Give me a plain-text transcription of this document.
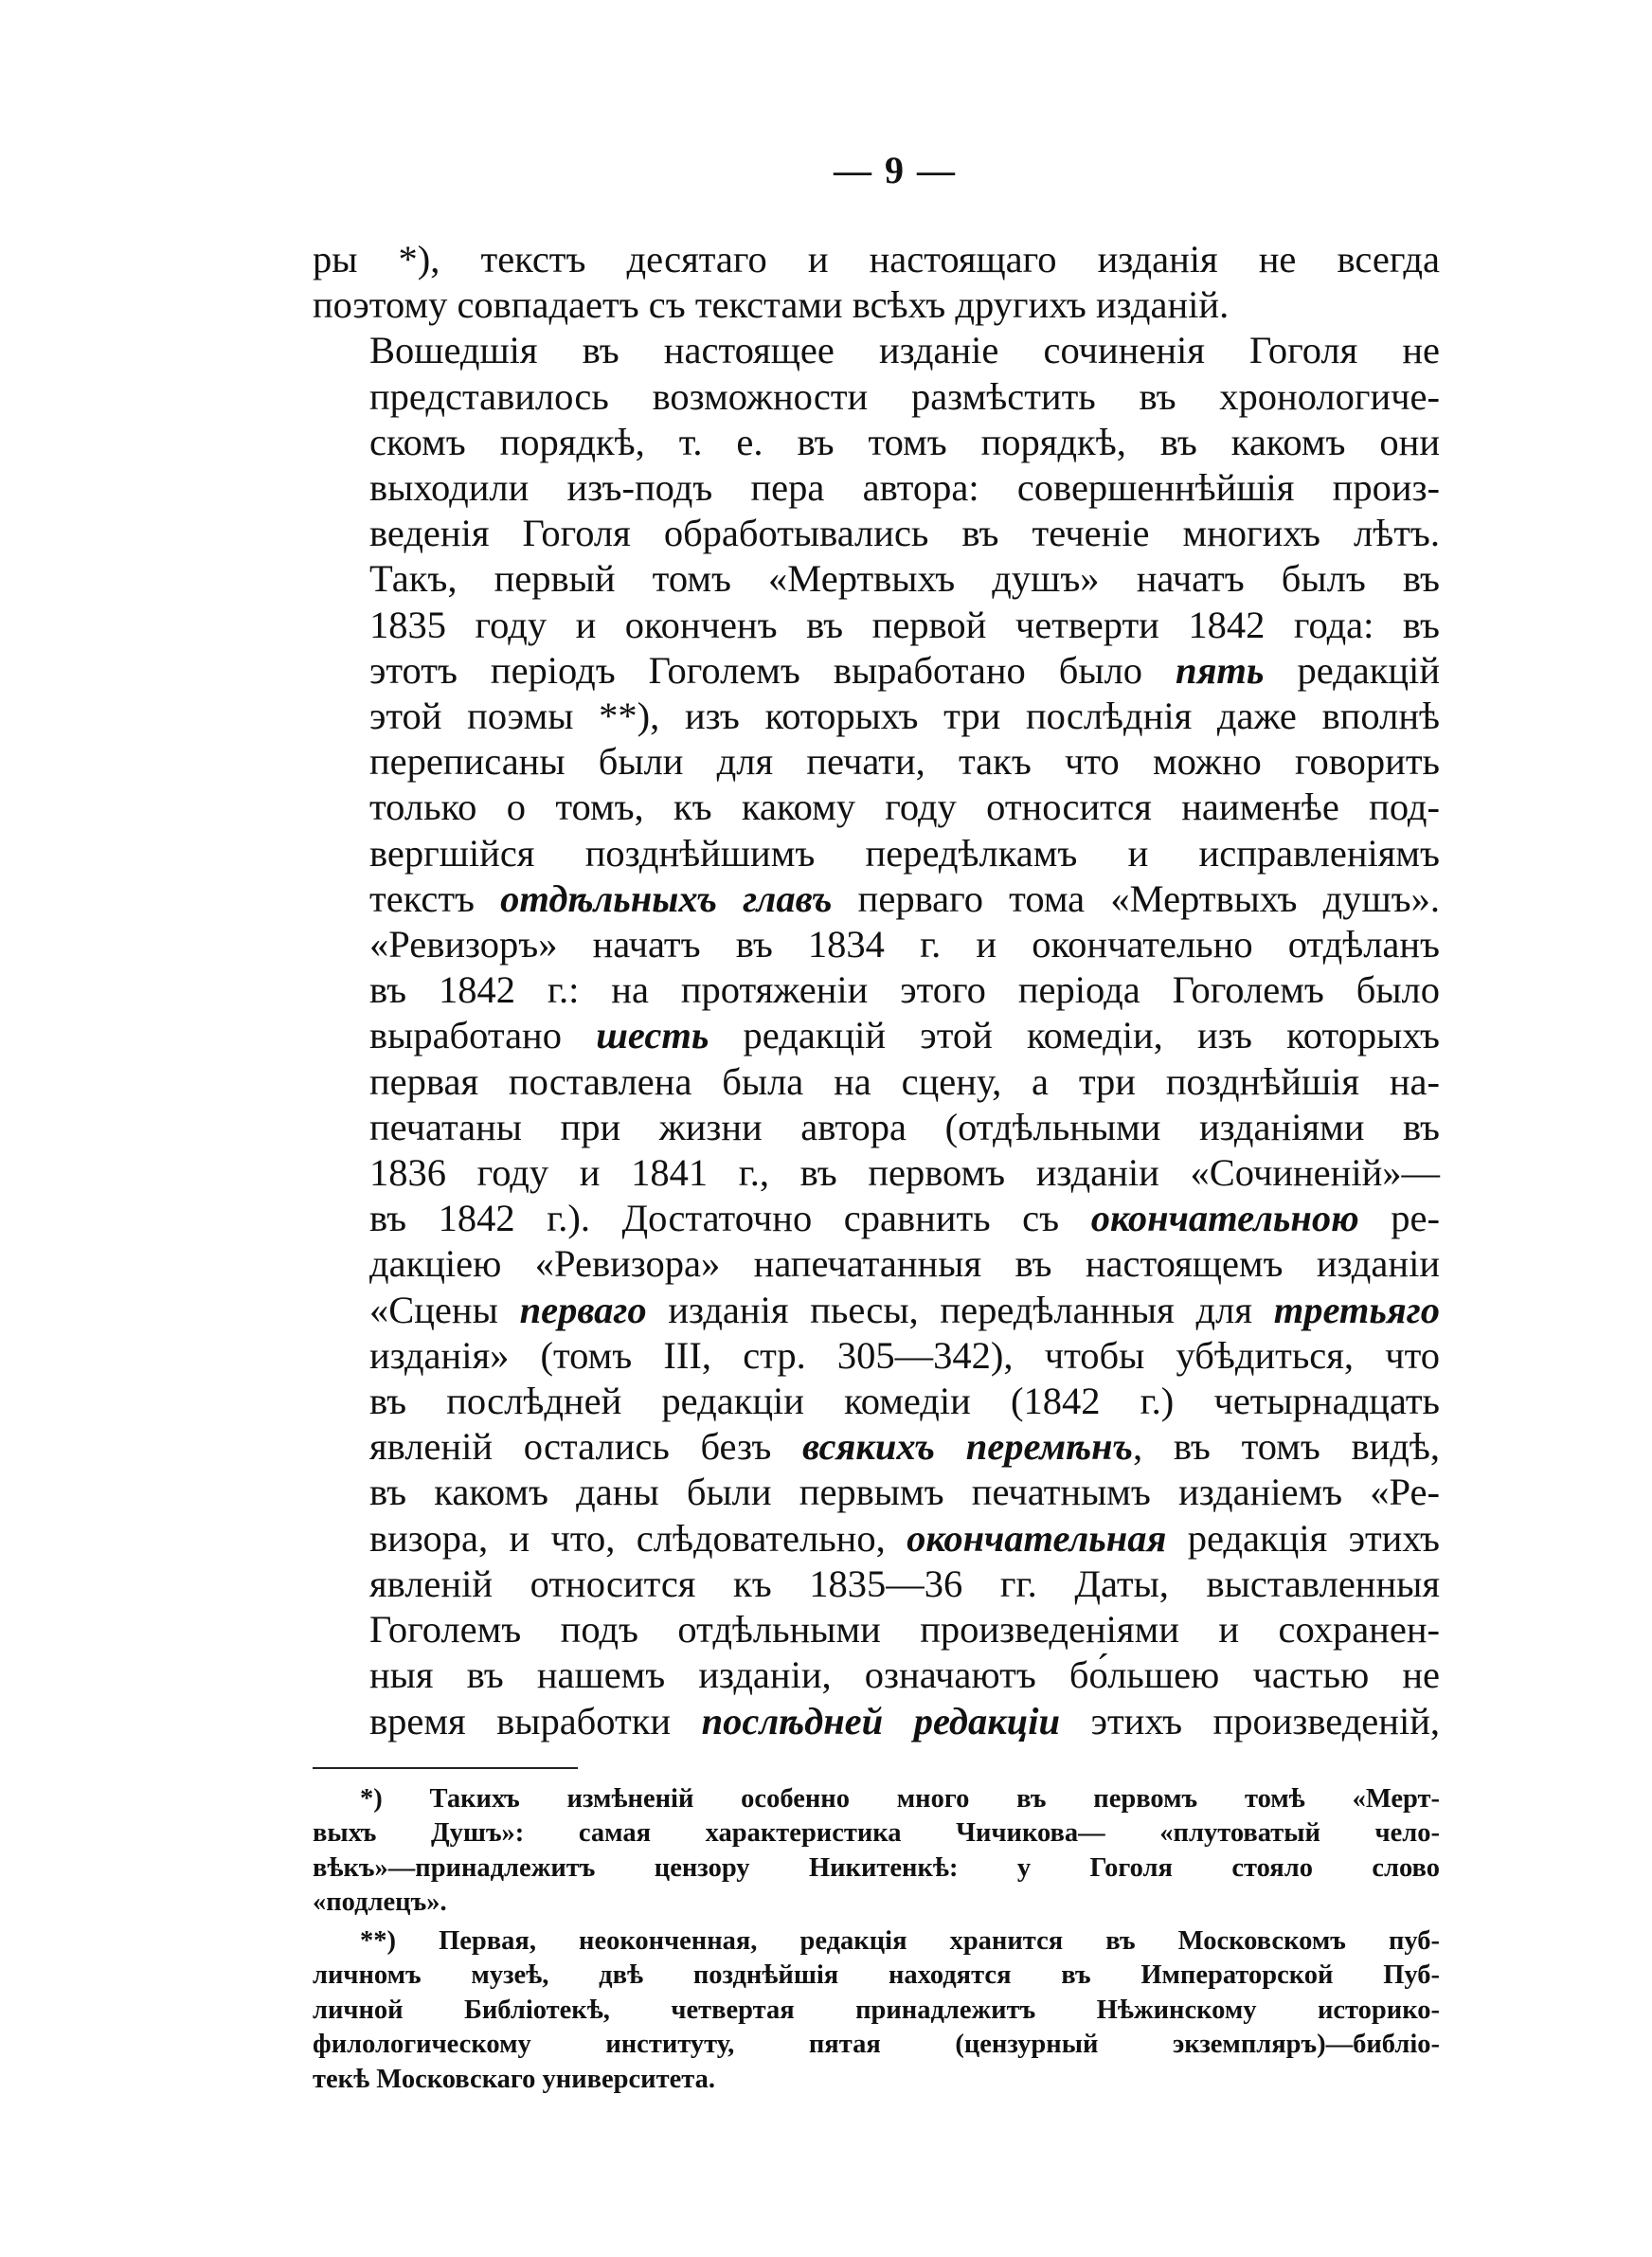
— 9 —

ры *), текстъ десятаго и настоящаго изданія не всегда
поэтому совпадаетъ съ текстами всѣхъ другихъ изданій.

Вошедшія въ настоящее изданіе сочиненія Гоголя не
представилось возможности размѣстить въ хронологиче-
скомъ порядкѣ, т. е. въ томъ порядкѣ, въ какомъ они
выходили изъ-подъ пера автора: совершеннѣйшія произ-
веденія Гоголя обработывались въ теченіе многихъ лѣтъ.
Такъ, первый томъ «Мертвыхъ душъ» начатъ былъ въ
1835 году и оконченъ въ первой четверти 1842 года: въ
этотъ періодъ Гоголемъ выработано было пять редакцій
этой поэмы **), изъ которыхъ три послѣднія даже вполнѣ
переписаны были для печати, такъ что можно говорить
только о томъ, къ какому году относится наименѣе под-
вергшійся позднѣйшимъ передѣлкамъ и исправленіямъ
текстъ отдѣльныхъ главъ перваго тома «Мертвыхъ душъ».
«Ревизоръ» начатъ въ 1834 г. и окончательно отдѣланъ
въ 1842 г.: на протяженіи этого періода Гоголемъ было
выработано шесть редакцій этой комедіи, изъ которыхъ
первая поставлена была на сцену, а три позднѣйшія на-
печатаны при жизни автора (отдѣльными изданіями въ
1836 году и 1841 г., въ первомъ изданіи «Сочиненій»—
въ 1842 г.). Достаточно сравнить съ окончательною ре-
дакціею «Ревизора» напечатанныя въ настоящемъ изданіи
«Сцены перваго изданія пьесы, передѣланныя для третьяго
изданія» (томъ III, стр. 305—342), чтобы убѣдиться, что
въ послѣдней редакціи комедіи (1842 г.) четырнадцать
явленій остались безъ всякихъ перемѣнъ, въ томъ видѣ,
въ какомъ даны были первымъ печатнымъ изданіемъ «Ре-
визора, и что, слѣдовательно, окончательная редакція этихъ
явленій относится къ 1835—36 гг. Даты, выставленныя
Гоголемъ подъ отдѣльными произведеніями и сохранен-
ныя въ нашемъ изданіи, означаютъ бо́льшею частью не
время выработки послѣдней редакціи этихъ произведеній,

*) Такихъ измѣненій особенно много въ первомъ томѣ «Мерт-
выхъ Душъ»: самая характеристика Чичикова— «плутоватый чело-
вѣкъ»—принадлежитъ цензору Никитенкѣ: у Гоголя стояло слово
«подлецъ».
**) Первая, неоконченная, редакція хранится въ Московскомъ пуб-
личномъ музеѣ, двѣ позднѣйшія находятся въ Императорской Пуб-
личной Библіотекѣ, четвертая принадлежитъ Нѣжинскому историко-
филологическому институту, пятая (цензурный экземпляръ)—библіо-
текѣ Московскаго университета.
